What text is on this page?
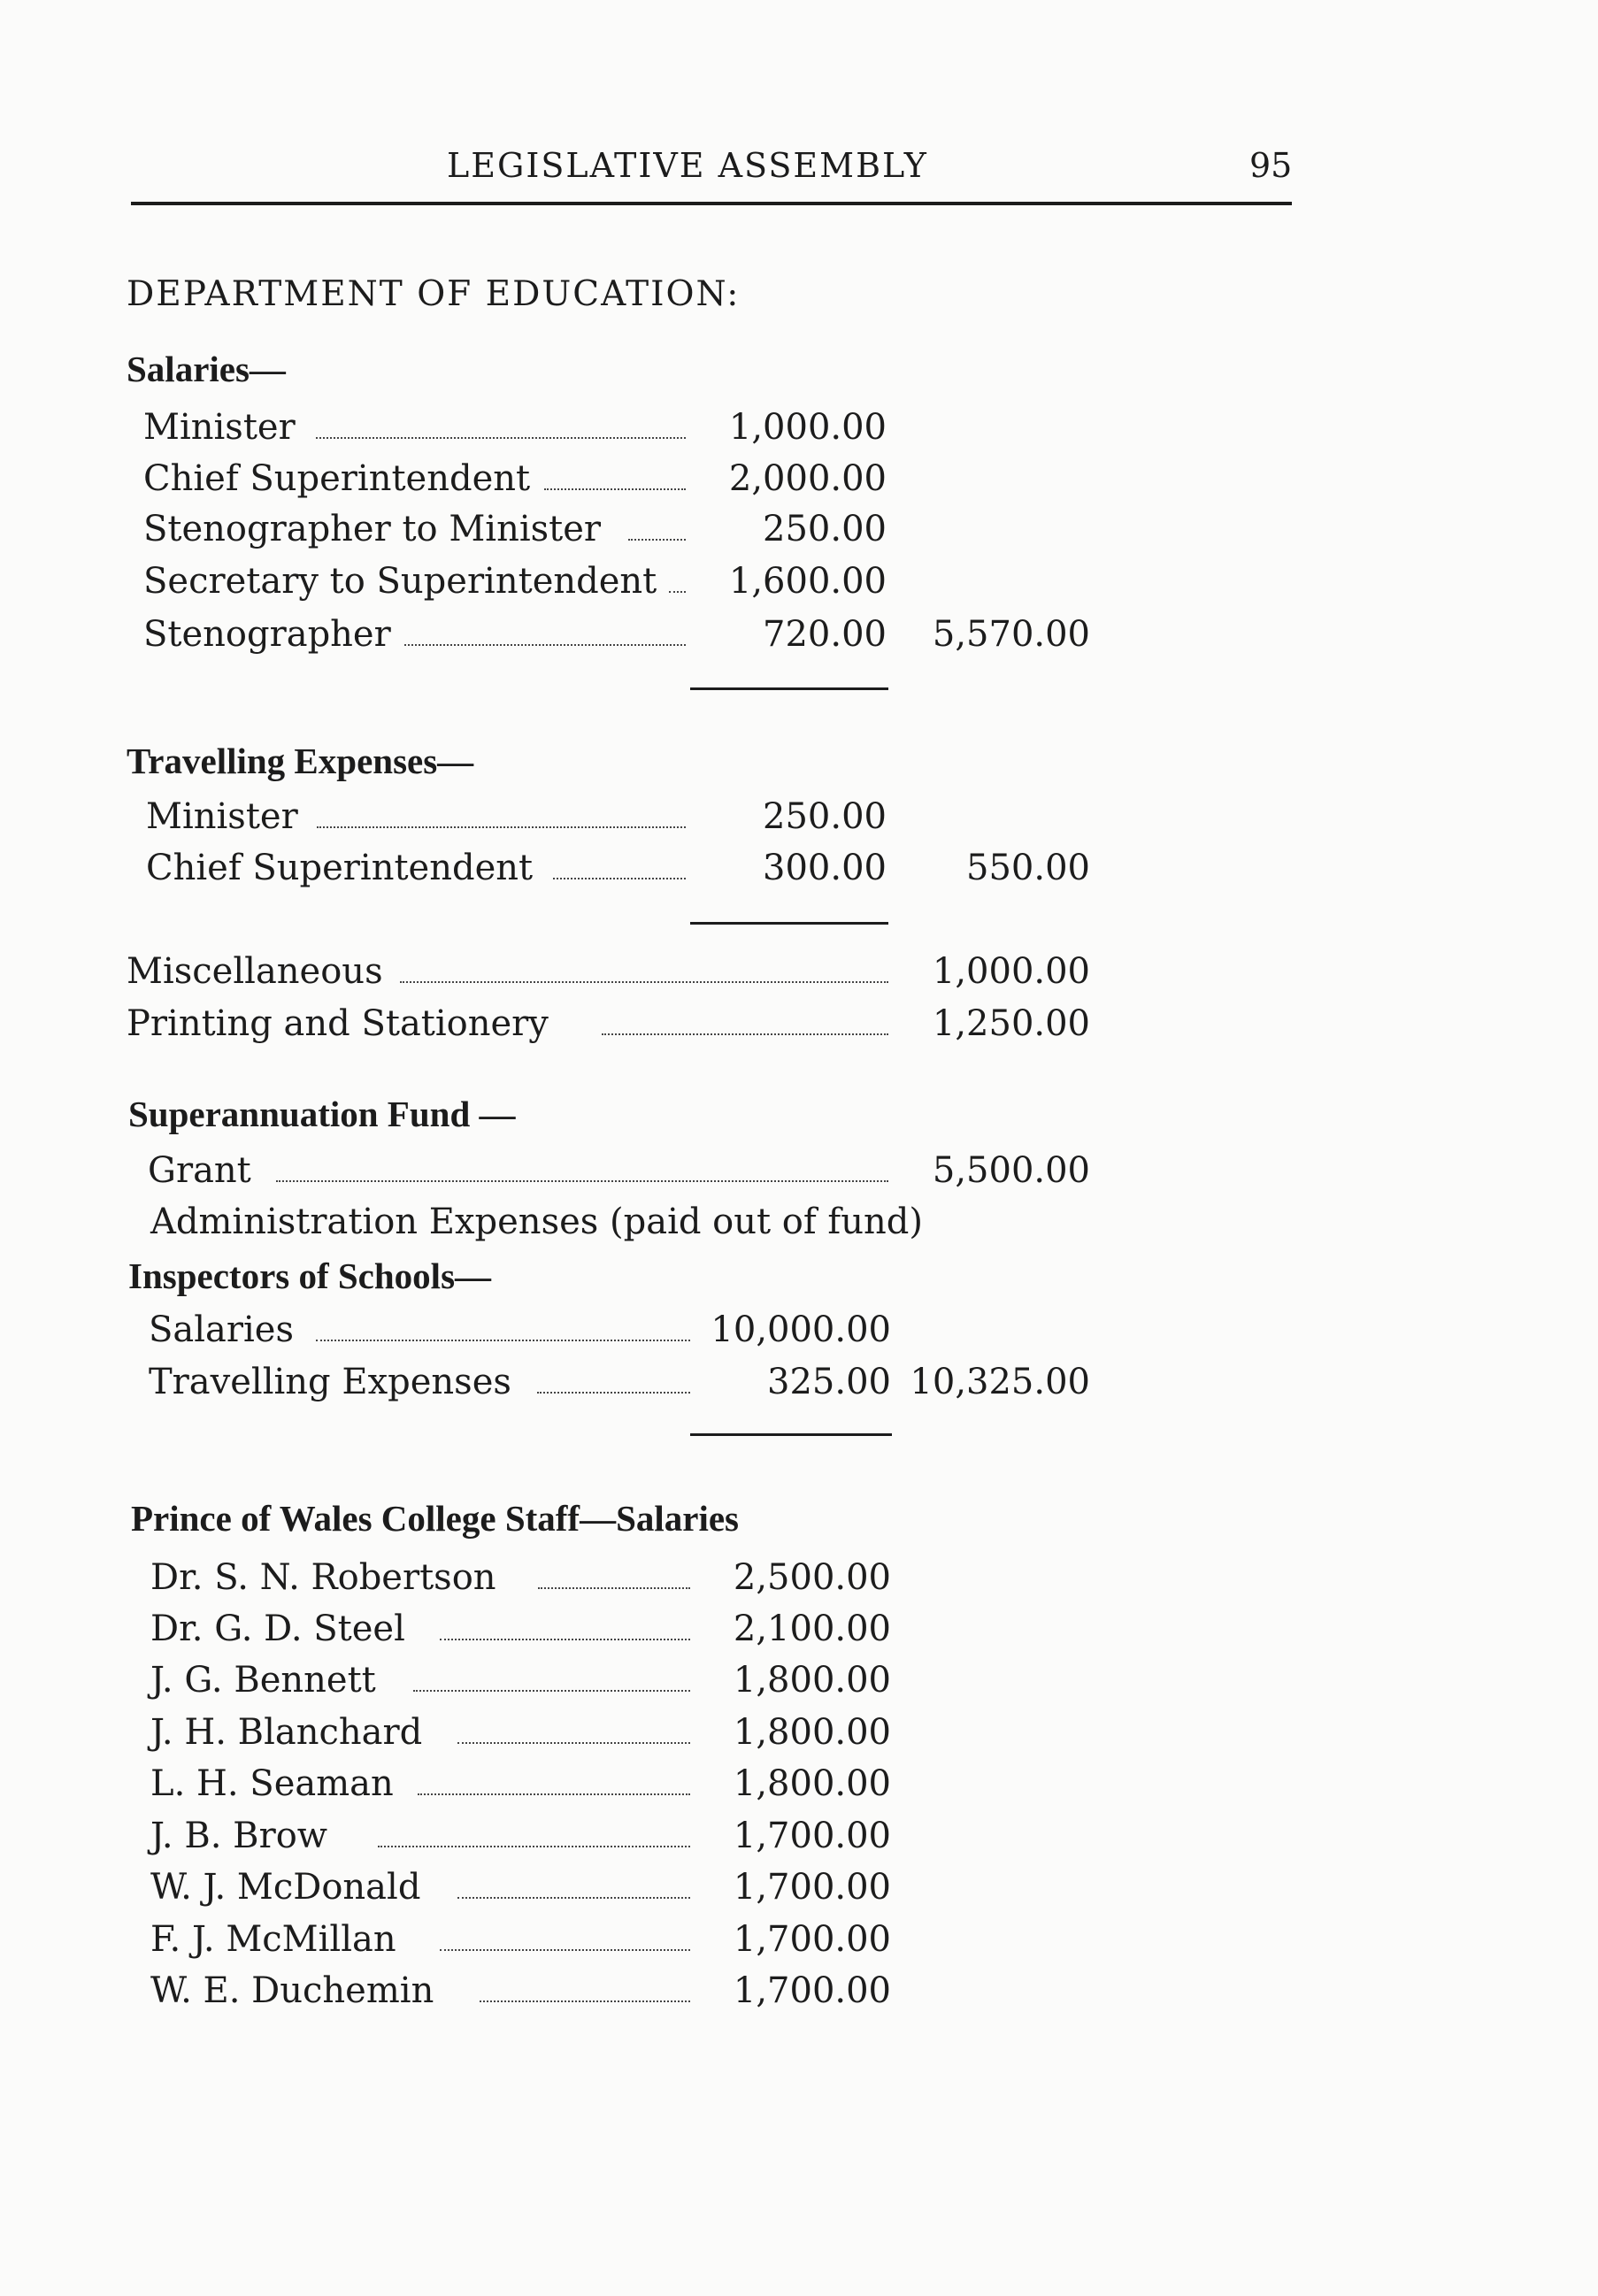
LEGISLATIVE ASSEMBLY	95
DEPARTMENT OF EDUCATION:
Salaries—
Minister	1,000.00
Chief Superintendent	2,000.00
Stenographer to Minister	250.00
Secretary to Superintendent	1,600.00
Stenographer	720.00	5,570.00
Travelling Expenses—
Minister	250.00
Chief Superintendent	300.00	550.00
Miscellaneous	1,000.00
Printing and Stationery	1,250.00
Superannuation Fund —
Grant	5,500.00
Administration Expenses (paid out of fund)
Inspectors of Schools—
Salaries	10,000.00
Travelling Expenses	325.00 10,325.00
Prince of Wales College Staff—Salaries
Dr. S. N. Robertson	2,500.00
Dr. G. D. Steel	2,100.00
J. G. Bennett	1,800.00
J. H. Blanchard	1,800.00
L. H. Seaman	1,800.00
J. B. Brow	1,700.00
W. J. McDonald	1,700.00
F. J. McMillan	1,700.00
W. E. Duchemin	1,700.00
